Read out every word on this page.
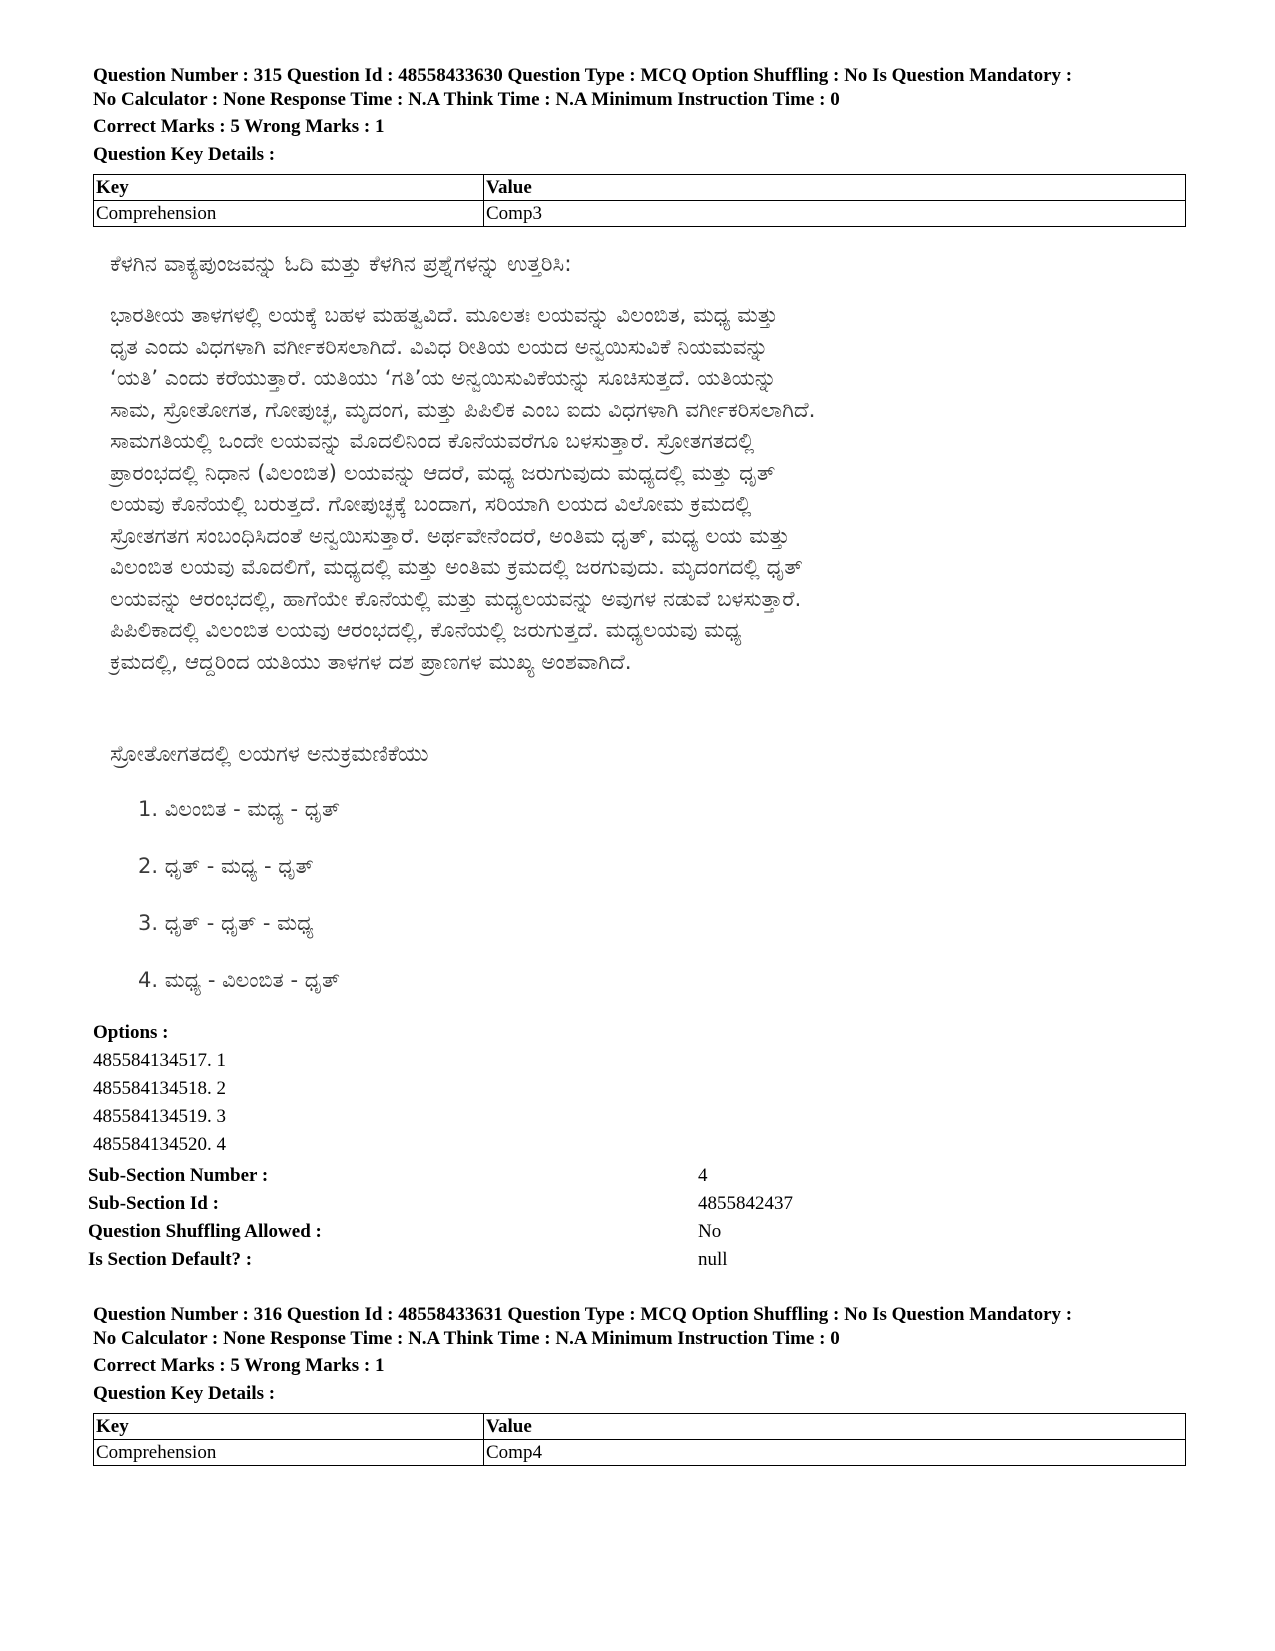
Question Number : 315 Question Id : 48558433630 Question Type : MCQ Option Shuffling : No Is Question Mandatory :
No Calculator : None Response Time : N.A Think Time : N.A Minimum Instruction Time : 0
Correct Marks : 5 Wrong Marks : 1
Question Key Details :
Key	Value
Comprehension	Comp3
ಕೆಳಗಿನ ವಾಕ್ಯಪುಂಜವನ್ನು ಓದಿ ಮತ್ತು ಕೆಳಗಿನ ಪ್ರಶ್ನೆಗಳನ್ನು ಉತ್ತರಿಸಿ:
ಭಾರತೀಯ ತಾಳಗಳಲ್ಲಿ ಲಯಕ್ಕೆ ಬಹಳ ಮಹತ್ವವಿದೆ. ಮೂಲತಃ ಲಯವನ್ನು ವಿಲಂಬಿತ, ಮಧ್ಯ ಮತ್ತು
ಧೃತ ಎಂದು ವಿಧಗಳಾಗಿ ವರ್ಗೀಕರಿಸಲಾಗಿದೆ. ವಿವಿಧ ರೀತಿಯ ಲಯದ ಅನ್ವಯಿಸುವಿಕೆ ನಿಯಮವನ್ನು
‘ಯತಿ’ ಎಂದು ಕರೆಯುತ್ತಾರೆ. ಯತಿಯು ‘ಗತಿ’ಯ ಅನ್ವಯಿಸುವಿಕೆಯನ್ನು ಸೂಚಿಸುತ್ತದೆ. ಯತಿಯನ್ನು
ಸಾಮ, ಸ್ರೋತೋಗತ, ಗೋಪುಚ್ಛ, ಮೃದಂಗ, ಮತ್ತು ಪಿಪಿಲಿಕ ಎಂಬ ಐದು ವಿಧಗಳಾಗಿ ವರ್ಗೀಕರಿಸಲಾಗಿದೆ.
ಸಾಮಗತಿಯಲ್ಲಿ ಒಂದೇ ಲಯವನ್ನು ಮೊದಲಿನಿಂದ ಕೊನೆಯವರೆಗೂ ಬಳಸುತ್ತಾರೆ. ಸ್ರೋತಗತದಲ್ಲಿ
ಪ್ರಾರಂಭದಲ್ಲಿ ನಿಧಾನ (ವಿಲಂಬಿತ) ಲಯವನ್ನು ಆದರೆ, ಮಧ್ಯ ಜರುಗುವುದು ಮಧ್ಯದಲ್ಲಿ ಮತ್ತು ಧೃತ್
ಲಯವು ಕೊನೆಯಲ್ಲಿ ಬರುತ್ತದೆ. ಗೋಪುಚ್ಛಕ್ಕೆ ಬಂದಾಗ, ಸರಿಯಾಗಿ ಲಯದ ವಿಲೋಮ ಕ್ರಮದಲ್ಲಿ
ಸ್ರೋತಗತಗ ಸಂಬಂಧಿಸಿದಂತೆ ಅನ್ವಯಿಸುತ್ತಾರೆ. ಅರ್ಥವೇನೆಂದರೆ, ಅಂತಿಮ ಧೃತ್, ಮಧ್ಯ ಲಯ ಮತ್ತು
ವಿಲಂಬಿತ ಲಯವು ಮೊದಲಿಗೆ, ಮಧ್ಯದಲ್ಲಿ ಮತ್ತು ಅಂತಿಮ ಕ್ರಮದಲ್ಲಿ ಜರಗುವುದು. ಮೃದಂಗದಲ್ಲಿ ಧೃತ್
ಲಯವನ್ನು ಆರಂಭದಲ್ಲಿ, ಹಾಗೆಯೇ ಕೊನೆಯಲ್ಲಿ ಮತ್ತು ಮಧ್ಯಲಯವನ್ನು ಅವುಗಳ ನಡುವೆ ಬಳಸುತ್ತಾರೆ.
ಪಿಪಿಲಿಕಾದಲ್ಲಿ ವಿಲಂಬಿತ ಲಯವು ಆರಂಭದಲ್ಲಿ, ಕೊನೆಯಲ್ಲಿ ಜರುಗುತ್ತದೆ. ಮಧ್ಯಲಯವು ಮಧ್ಯ
ಕ್ರಮದಲ್ಲಿ, ಆದ್ದರಿಂದ ಯತಿಯು ತಾಳಗಳ ದಶ ಪ್ರಾಣಗಳ ಮುಖ್ಯ ಅಂಶವಾಗಿದೆ.
ಸ್ರೋತೋಗತದಲ್ಲಿ ಲಯಗಳ ಅನುಕ್ರಮಣಿಕೆಯು
1. ವಿಲಂಬಿತ - ಮಧ್ಯ - ಧೃತ್
2. ಧೃತ್ - ಮಧ್ಯ - ಧೃತ್
3. ಧೃತ್ - ಧೃತ್ - ಮಧ್ಯ
4. ಮಧ್ಯ - ವಿಲಂಬಿತ - ಧೃತ್
Options :
485584134517. 1
485584134518. 2
485584134519. 3
485584134520. 4
Sub-Section Number :	4
Sub-Section Id :	4855842437
Question Shuffling Allowed :	No
Is Section Default? :	null
Question Number : 316 Question Id : 48558433631 Question Type : MCQ Option Shuffling : No Is Question Mandatory :
No Calculator : None Response Time : N.A Think Time : N.A Minimum Instruction Time : 0
Correct Marks : 5 Wrong Marks : 1
Question Key Details :
Key	Value
Comprehension	Comp4
